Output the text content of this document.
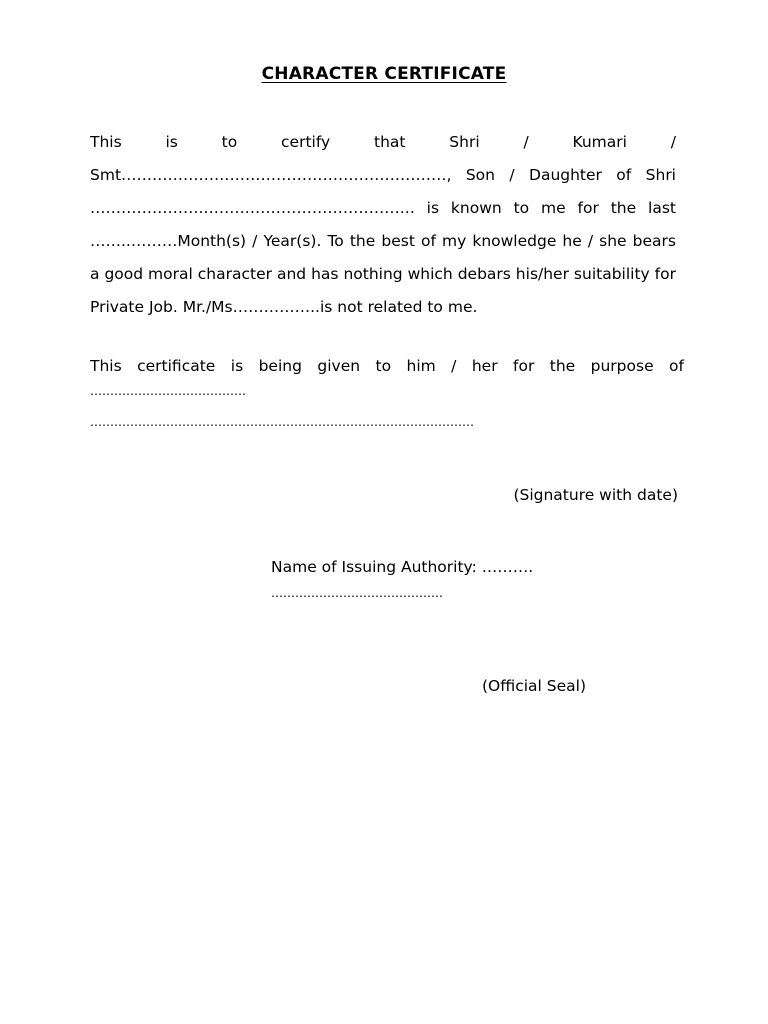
CHARACTER CERTIFICATE
This is to certify that Shri / Kumari / Smt………………………………………………………, Son / Daughter of Shri ………………….………………………………….. is known to me for the last ……..………Month(s) / Year(s). To the best of my knowledge he / she bears a good moral character and has nothing which debars his/her suitability for Private Job. Mr./Ms……………..is not related to me.
This certificate is being given to him / her for the purpose of
…………………………………
……………………………………………………………………………………
(Signature with date)
Name of Issuing Authority: ……….
…………………………………….
(Official Seal)
